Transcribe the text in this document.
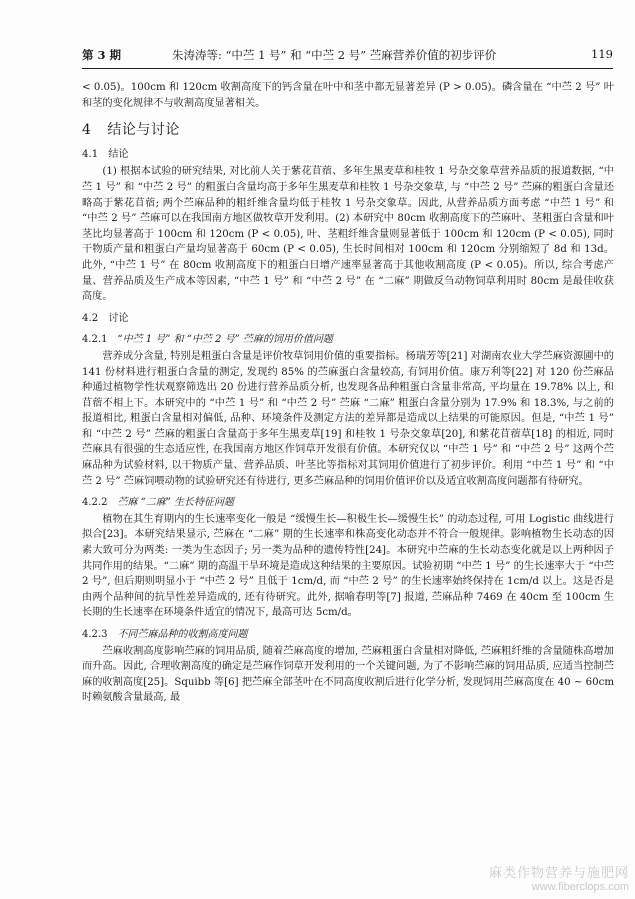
第 3 期	朱涛涛等: “中苎 1 号” 和 “中苎 2 号” 苎麻营养价值的初步评价	119

< 0.05)。100cm 和 120cm 收割高度下的钙含量在叶中和茎中都无显著差异 (P > 0.05)。磷含量在 “中苎 2 号” 叶和茎的变化规律不与收割高度显著相关。

4 结论与讨论
4.1 结论

(1) 根据本试验的研究结果, 对比前人关于紫花苜蓿、多年生黑麦草和桂牧 1 号杂交象草营养品质的报道数据, “中苎 1 号” 和 “中苎 2 号” 的粗蛋白含量均高于多年生黑麦草和桂牧 1 号杂交象草, 与 “中苎 2 号” 苎麻的粗蛋白含量还略高于紫花苜蓿; 两个苎麻品种的粗纤维含量均低于桂牧 1 号杂交象草。因此, 从营养品质方面考虑 “中苎 1 号” 和 “中苎 2 号” 苎麻可以在我国南方地区做牧草开发利用。(2) 本研究中 80cm 收割高度下的苎麻叶、茎粗蛋白含量和叶茎比均显著高于 100cm 和 120cm (P < 0.05), 叶、茎粗纤维含量则显著低于 100cm 和 120cm (P < 0.05), 同时干物质产量和粗蛋白产量均显著高于 60cm (P < 0.05), 生长时间相对 100cm 和 120cm 分别缩短了 8d 和 13d。此外, “中苎 1 号” 在 80cm 收割高度下的粗蛋白日增产速率显著高于其他收割高度 (P < 0.05)。所以, 综合考虑产量、营养品质及生产成本等因素, “中苎 1 号” 和 “中苎 2 号” 在 “二麻” 期做反刍动物饲草利用时 80cm 是最佳收获高度。

4.2 讨论
4.2.1 “中苎 1 号” 和 “中苎 2 号” 苎麻的饲用价值问题

营养成分含量, 特别是粗蛋白含量是评价牧草饲用价值的重要指标。杨瑞芳等[21] 对湖南农业大学苎麻资源圃中的 141 份材料进行粗蛋白含量的测定, 发现约 85% 的苎麻蛋白含量较高, 有饲用价值。康万利等[22] 对 120 份苎麻品种通过植物学性状观察筛选出 20 份进行营养品质分析, 也发现各品种粗蛋白含量非常高, 平均量在 19.78% 以上, 和苜蓿不相上下。本研究中的 “中苎 1 号” 和 “中苎 2 号” 苎麻 “二麻” 粗蛋白含量分别为 17.9% 和 18.3%, 与之前的报道相比, 粗蛋白含量相对偏低, 品种、环境条件及测定方法的差异都是造成以上结果的可能原因。但是, “中苎 1 号” 和 “中苎 2 号” 苎麻的粗蛋白含量高于多年生黑麦草[19] 和桂牧 1 号杂交象草[20], 和紫花苜蓿草[18] 的相近, 同时苎麻具有很强的生态适应性, 在我国南方地区作饲草开发很有价值。本研究仅以 “中苎 1 号” 和 “中苎 2 号” 这两个苎麻品种为试验材料, 以干物质产量、营养品质、叶茎比等指标对其饲用价值进行了初步评价。利用 “中苎 1 号” 和 “中苎 2 号” 苎麻饲喂动物的试验研究还有待进行, 更多苎麻品种的饲用价值评价以及适宜收割高度问题都有待研究。

4.2.2 苎麻 “二麻” 生长特征问题

植物在其生育期内的生长速率变化一般是 “缓慢生长—积极生长—缓慢生长” 的动态过程, 可用 Logistic 曲线进行拟合[23]。本研究结果显示, 苎麻在 “二麻” 期的生长速率和株高变化动态并不符合一般规律。影响植物生长动态的因素大致可分为两类: 一类为生态因子; 另一类为品种的遗传特性[24]。本研究中苎麻的生长动态变化就是以上两种因子共同作用的结果。“二麻” 期的高温干旱环境是造成这种结果的主要原因。试验初期 “中苎 1 号” 的生长速率大于 “中苎 2 号”, 但后期则明显小于 “中苎 2 号” 且低于 1cm/d, 而 “中苎 2 号” 的生长速率始终保持在 1cm/d 以上。这是否是由两个品种间的抗旱性差异造成的, 还有待研究。此外, 据喻春明等[7] 报道, 苎麻品种 7469 在 40cm 至 100cm 生长期的生长速率在环境条件适宜的情况下, 最高可达 5cm/d。

4.2.3 不同苎麻品种的收割高度问题

苎麻收割高度影响苎麻的饲用品质, 随着苎麻高度的增加, 苎麻粗蛋白含量相对降低, 苎麻粗纤维的含量随株高增加而升高。因此, 合理收割高度的确定是苎麻作饲草开发利用的一个关键问题, 为了不影响苎麻的饲用品质, 应适当控制苎麻的收割高度[25]。Squibb 等[6] 把苎麻全部茎叶在不同高度收割后进行化学分析, 发现饲用苎麻高度在 40 ~ 60cm 时赖氨酸含量最高, 最

麻类作物营养与施肥网
www.fiberclops.com
